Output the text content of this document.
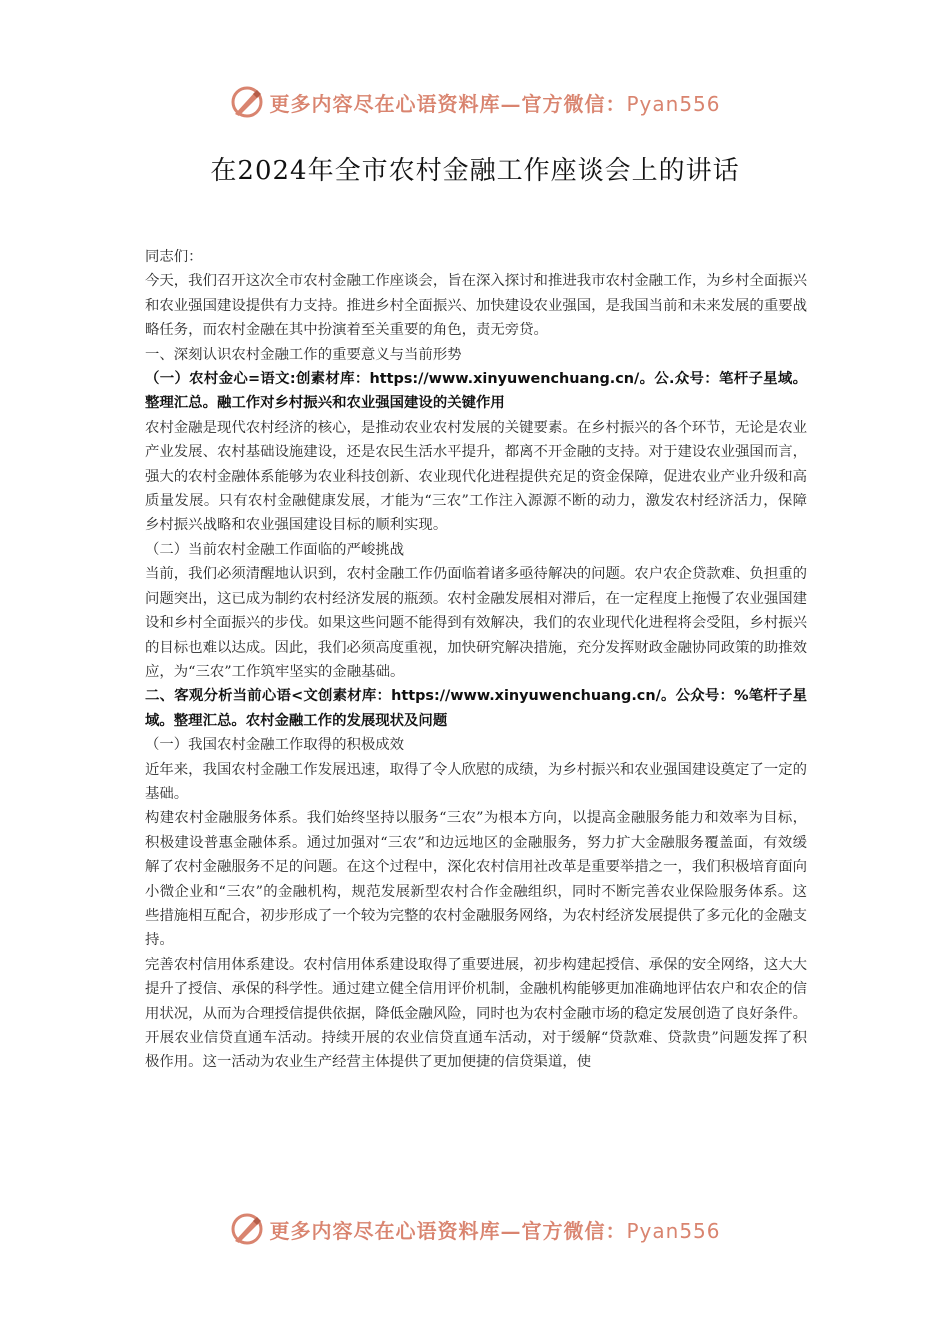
更多内容尽在心语资料库—官方微信：Pyan556
在2024年全市农村金融工作座谈会上的讲话

同志们：

今天，我们召开这次全市农村金融工作座谈会，旨在深入探讨和推进我市农村金融工作，为乡村全面振兴和农业强国建设提供有力支持。推进乡村全面振兴、加快建设农业强国，是我国当前和未来发展的重要战略任务，而农村金融在其中扮演着至关重要的角色，责无旁贷。

一、深刻认识农村金融工作的重要意义与当前形势

（一）农村金心=语文:创素材库：https://www.xinyuwenchuang.cn/。公.众号：笔杆子星域。整理汇总。融工作对乡村振兴和农业强国建设的关键作用

农村金融是现代农村经济的核心，是推动农业农村发展的关键要素。在乡村振兴的各个环节，无论是农业产业发展、农村基础设施建设，还是农民生活水平提升，都离不开金融的支持。对于建设农业强国而言，强大的农村金融体系能够为农业科技创新、农业现代化进程提供充足的资金保障，促进农业产业升级和高质量发展。只有农村金融健康发展，才能为“三农”工作注入源源不断的动力，激发农村经济活力，保障乡村振兴战略和农业强国建设目标的顺利实现。

（二）当前农村金融工作面临的严峻挑战

当前，我们必须清醒地认识到，农村金融工作仍面临着诸多亟待解决的问题。农户农企贷款难、负担重的问题突出，这已成为制约农村经济发展的瓶颈。农村金融发展相对滞后，在一定程度上拖慢了农业强国建设和乡村全面振兴的步伐。如果这些问题不能得到有效解决，我们的农业现代化进程将会受阻，乡村振兴的目标也难以达成。因此，我们必须高度重视，加快研究解决措施，充分发挥财政金融协同政策的助推效应，为“三农”工作筑牢坚实的金融基础。

二、客观分析当前心语<文创素材库：https://www.xinyuwenchuang.cn/。公众号：%笔杆子星域。整理汇总。农村金融工作的发展现状及问题

（一）我国农村金融工作取得的积极成效

近年来，我国农村金融工作发展迅速，取得了令人欣慰的成绩，为乡村振兴和农业强国建设奠定了一定的基础。

构建农村金融服务体系。我们始终坚持以服务“三农”为根本方向，以提高金融服务能力和效率为目标，积极建设普惠金融体系。通过加强对“三农”和边远地区的金融服务，努力扩大金融服务覆盖面，有效缓解了农村金融服务不足的问题。在这个过程中，深化农村信用社改革是重要举措之一，我们积极培育面向小微企业和“三农”的金融机构，规范发展新型农村合作金融组织，同时不断完善农业保险服务体系。这些措施相互配合，初步形成了一个较为完整的农村金融服务网络，为农村经济发展提供了多元化的金融支持。

完善农村信用体系建设。农村信用体系建设取得了重要进展，初步构建起授信、承保的安全网络，这大大提升了授信、承保的科学性。通过建立健全信用评价机制，金融机构能够更加准确地评估农户和农企的信用状况，从而为合理授信提供依据，降低金融风险，同时也为农村金融市场的稳定发展创造了良好条件。

开展农业信贷直通车活动。持续开展的农业信贷直通车活动，对于缓解“贷款难、贷款贵”问题发挥了积极作用。这一活动为农业生产经营主体提供了更加便捷的信贷渠道，使

更多内容尽在心语资料库—官方微信：Pyan556
